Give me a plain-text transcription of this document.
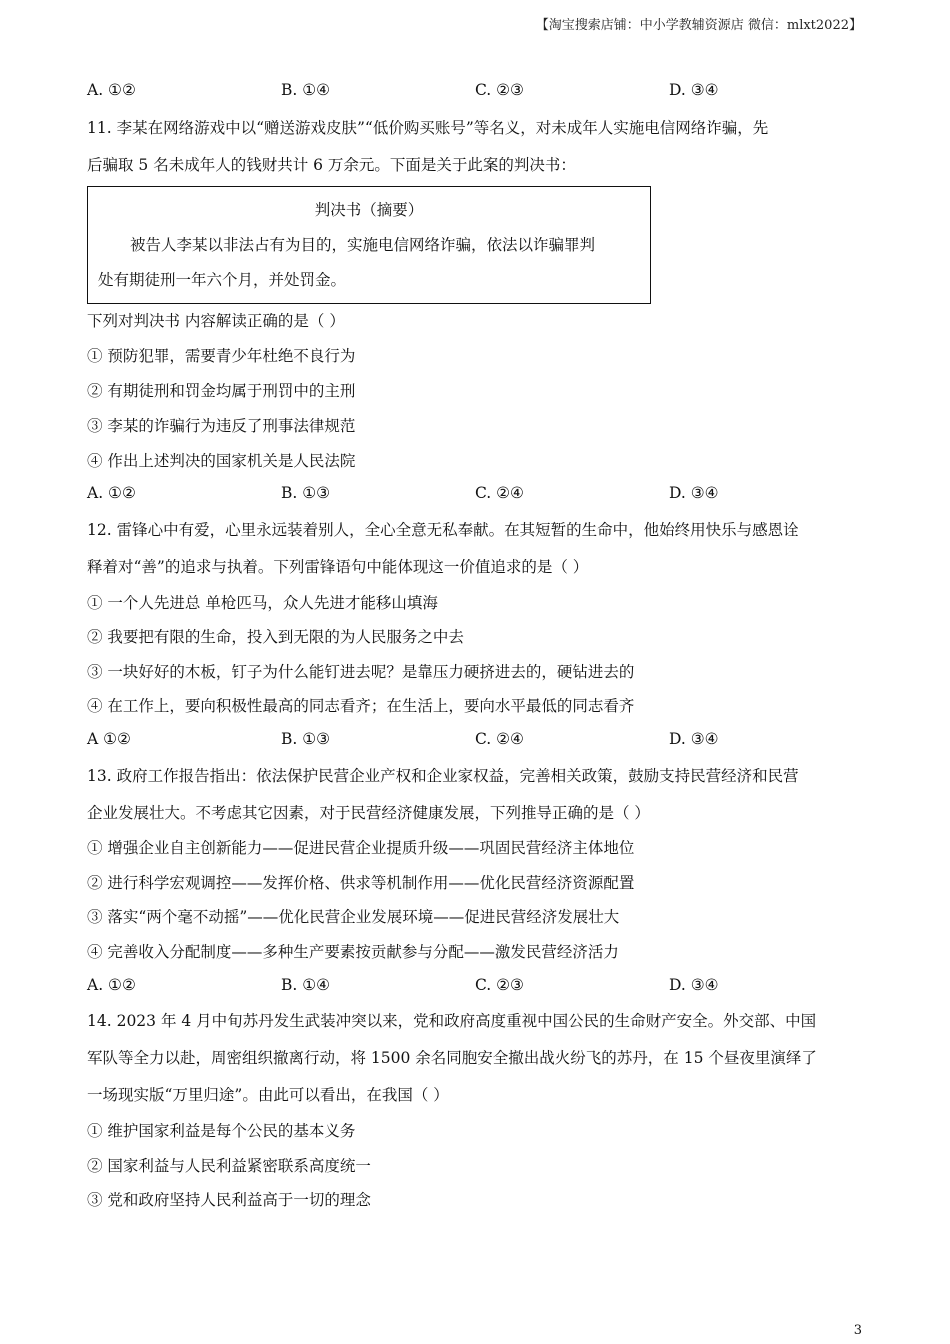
【淘宝搜索店铺：中小学教辅资源店 微信：mlxt2022】
A. ①②	B. ①④	C. ②③	D. ③④
11. 李某在网络游戏中以“赠送游戏皮肤”“低价购买账号”等名义，对未成年人实施电信网络诈骗，先
后骗取 5 名未成年人的钱财共计 6 万余元。下面是关于此案的判决书：
判决书（摘要）
被告人李某以非法占有为目的，实施电信网络诈骗，依法以诈骗罪判
处有期徒刑一年六个月，并处罚金。
下列对判决书 内容解读正确的是（ ）
① 预防犯罪，需要青少年杜绝不良行为
② 有期徒刑和罚金均属于刑罚中的主刑
③ 李某的诈骗行为违反了刑事法律规范
④ 作出上述判决的国家机关是人民法院
A. ①②	B. ①③	C. ②④	D. ③④
12. 雷锋心中有爱，心里永远装着别人，全心全意无私奉献。在其短暂的生命中，他始终用快乐与感恩诠
释着对“善”的追求与执着。下列雷锋语句中能体现这一价值追求的是（ ）
① 一个人先进总 单枪匹马，众人先进才能移山填海
② 我要把有限的生命，投入到无限的为人民服务之中去
③ 一块好好的木板，钉子为什么能钉进去呢？是靠压力硬挤进去的，硬钻进去的
④ 在工作上，要向积极性最高的同志看齐；在生活上，要向水平最低的同志看齐
A ①②	B. ①③	C. ②④	D. ③④
13. 政府工作报告指出：依法保护民营企业产权和企业家权益，完善相关政策，鼓励支持民营经济和民营
企业发展壮大。不考虑其它因素，对于民营经济健康发展，下列推导正确的是（ ）
① 增强企业自主创新能力——促进民营企业提质升级——巩固民营经济主体地位
② 进行科学宏观调控——发挥价格、供求等机制作用——优化民营经济资源配置
③ 落实“两个毫不动摇”——优化民营企业发展环境——促进民营经济发展壮大
④ 完善收入分配制度——多种生产要素按贡献参与分配——激发民营经济活力
A. ①②	B. ①④	C. ②③	D. ③④
14. 2023 年 4 月中旬苏丹发生武装冲突以来，党和政府高度重视中国公民的生命财产安全。外交部、中国
军队等全力以赴，周密组织撤离行动，将 1500 余名同胞安全撤出战火纷飞的苏丹，在 15 个昼夜里演绎了
一场现实版“万里归途”。由此可以看出，在我国（ ）
① 维护国家利益是每个公民的基本义务
② 国家利益与人民利益紧密联系高度统一
③ 党和政府坚持人民利益高于一切的理念
3
